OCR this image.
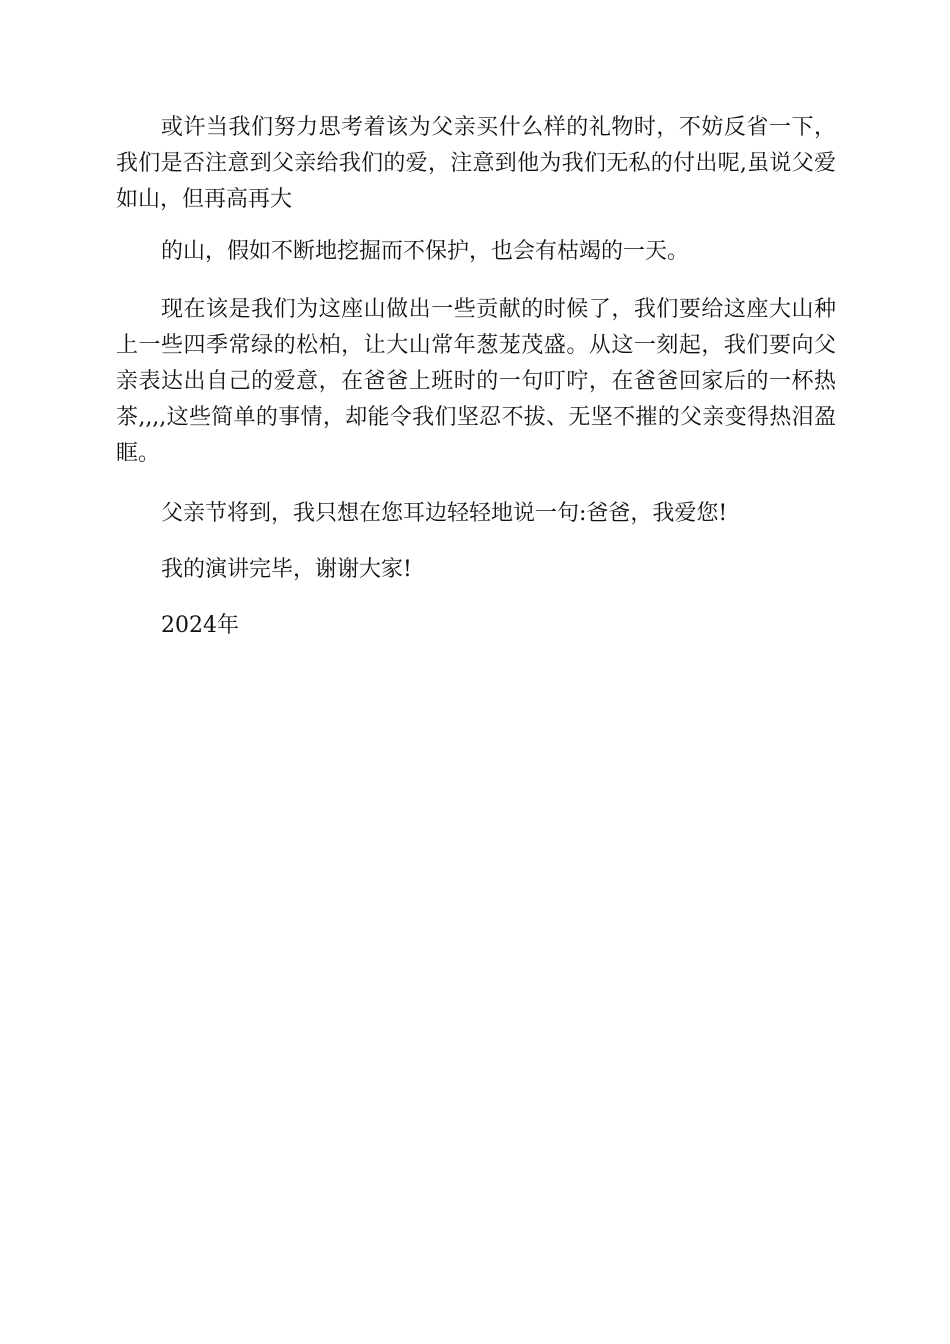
或许当我们努力思考着该为父亲买什么样的礼物时，不妨反省一下，我们是否注意到父亲给我们的爱，注意到他为我们无私的付出呢,虽说父爱如山，但再高再大

的山，假如不断地挖掘而不保护，也会有枯竭的一天。

现在该是我们为这座山做出一些贡献的时候了，我们要给这座大山种上一些四季常绿的松柏，让大山常年葱茏茂盛。从这一刻起，我们要向父亲表达出自己的爱意，在爸爸上班时的一句叮咛，在爸爸回家后的一杯热茶,,,,这些简单的事情，却能令我们坚忍不拔、无坚不摧的父亲变得热泪盈眶。

父亲节将到，我只想在您耳边轻轻地说一句:爸爸，我爱您!

我的演讲完毕，谢谢大家!

2024年
